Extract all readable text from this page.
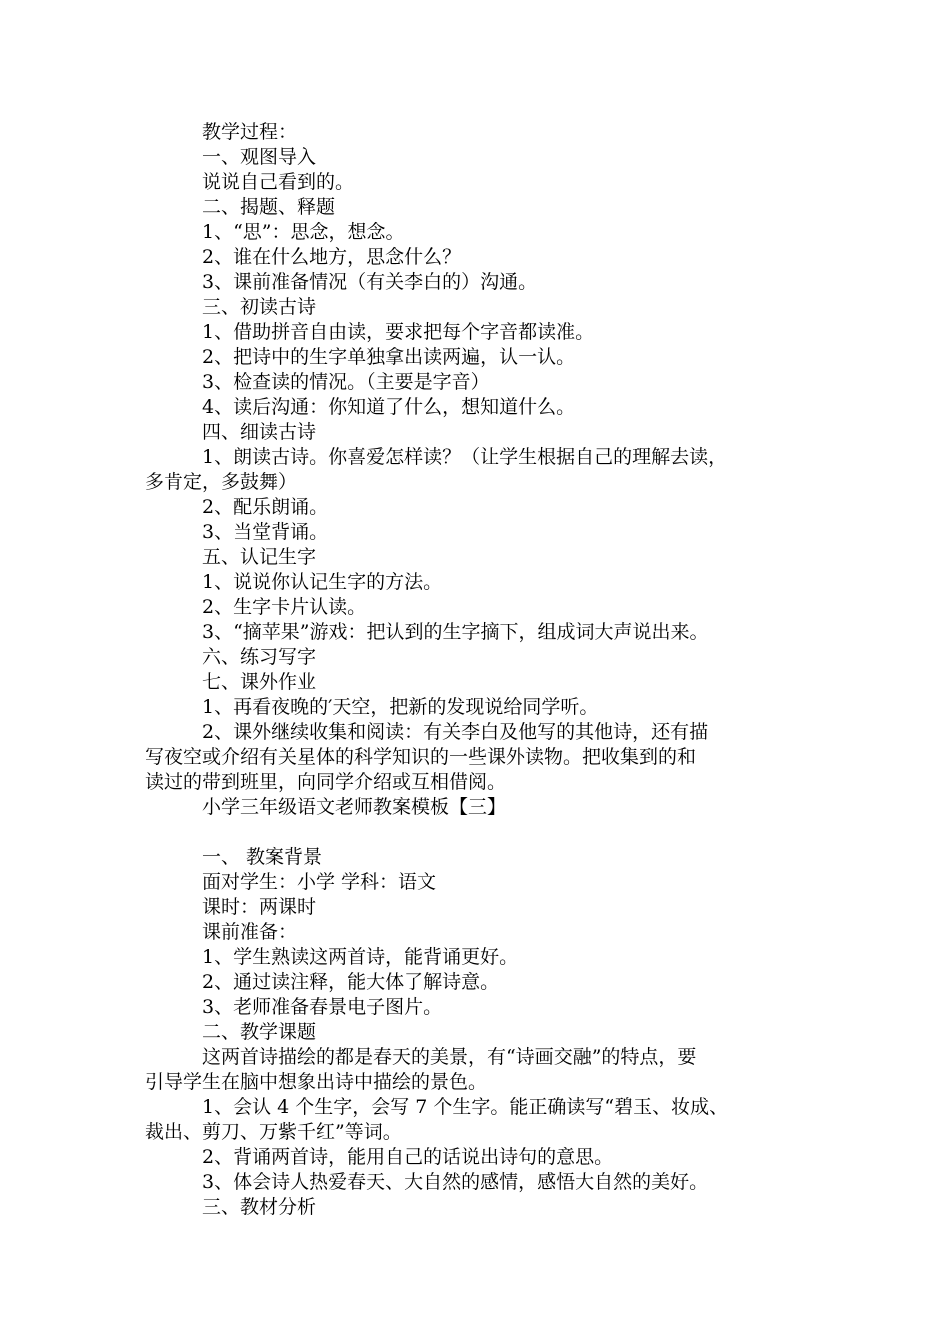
教学过程：
一、观图导入
说说自己看到的。
二、揭题、释题
1、“思”：思念，想念。
2、谁在什么地方，思念什么？
3、课前准备情况（有关李白的）沟通。
三、初读古诗
1、借助拼音自由读，要求把每个字音都读准。
2、把诗中的生字单独拿出读两遍，认一认。
3、检查读的情况。（主要是字音）
4、读后沟通：你知道了什么，想知道什么。
四、细读古诗
1、朗读古诗。你喜爱怎样读？（让学生根据自己的理解去读，
多肯定，多鼓舞）
2、配乐朗诵。
3、当堂背诵。
五、认记生字
1、说说你认记生字的方法。
2、生字卡片认读。
3、“摘苹果”游戏：把认到的生字摘下，组成词大声说出来。
六、练习写字
七、课外作业
1、再看夜晚的′天空，把新的发现说给同学听。
2、课外继续收集和阅读：有关李白及他写的其他诗，还有描
写夜空或介绍有关星体的科学知识的一些课外读物。把收集到的和
读过的带到班里，向同学介绍或互相借阅。
小学三年级语文老师教案模板【三】
一、 教案背景
面对学生：小学 学科：语文
课时：两课时
课前准备：
1、学生熟读这两首诗，能背诵更好。
2、通过读注释，能大体了解诗意。
3、老师准备春景电子图片。
二、教学课题
这两首诗描绘的都是春天的美景，有“诗画交融”的特点，要
引导学生在脑中想象出诗中描绘的景色。
1、会认 4 个生字，会写 7 个生字。能正确读写“碧玉、妆成、
裁出、剪刀、万紫千红”等词。
2、背诵两首诗，能用自己的话说出诗句的意思。
3、体会诗人热爱春天、大自然的感情，感悟大自然的美好。
三、教材分析
